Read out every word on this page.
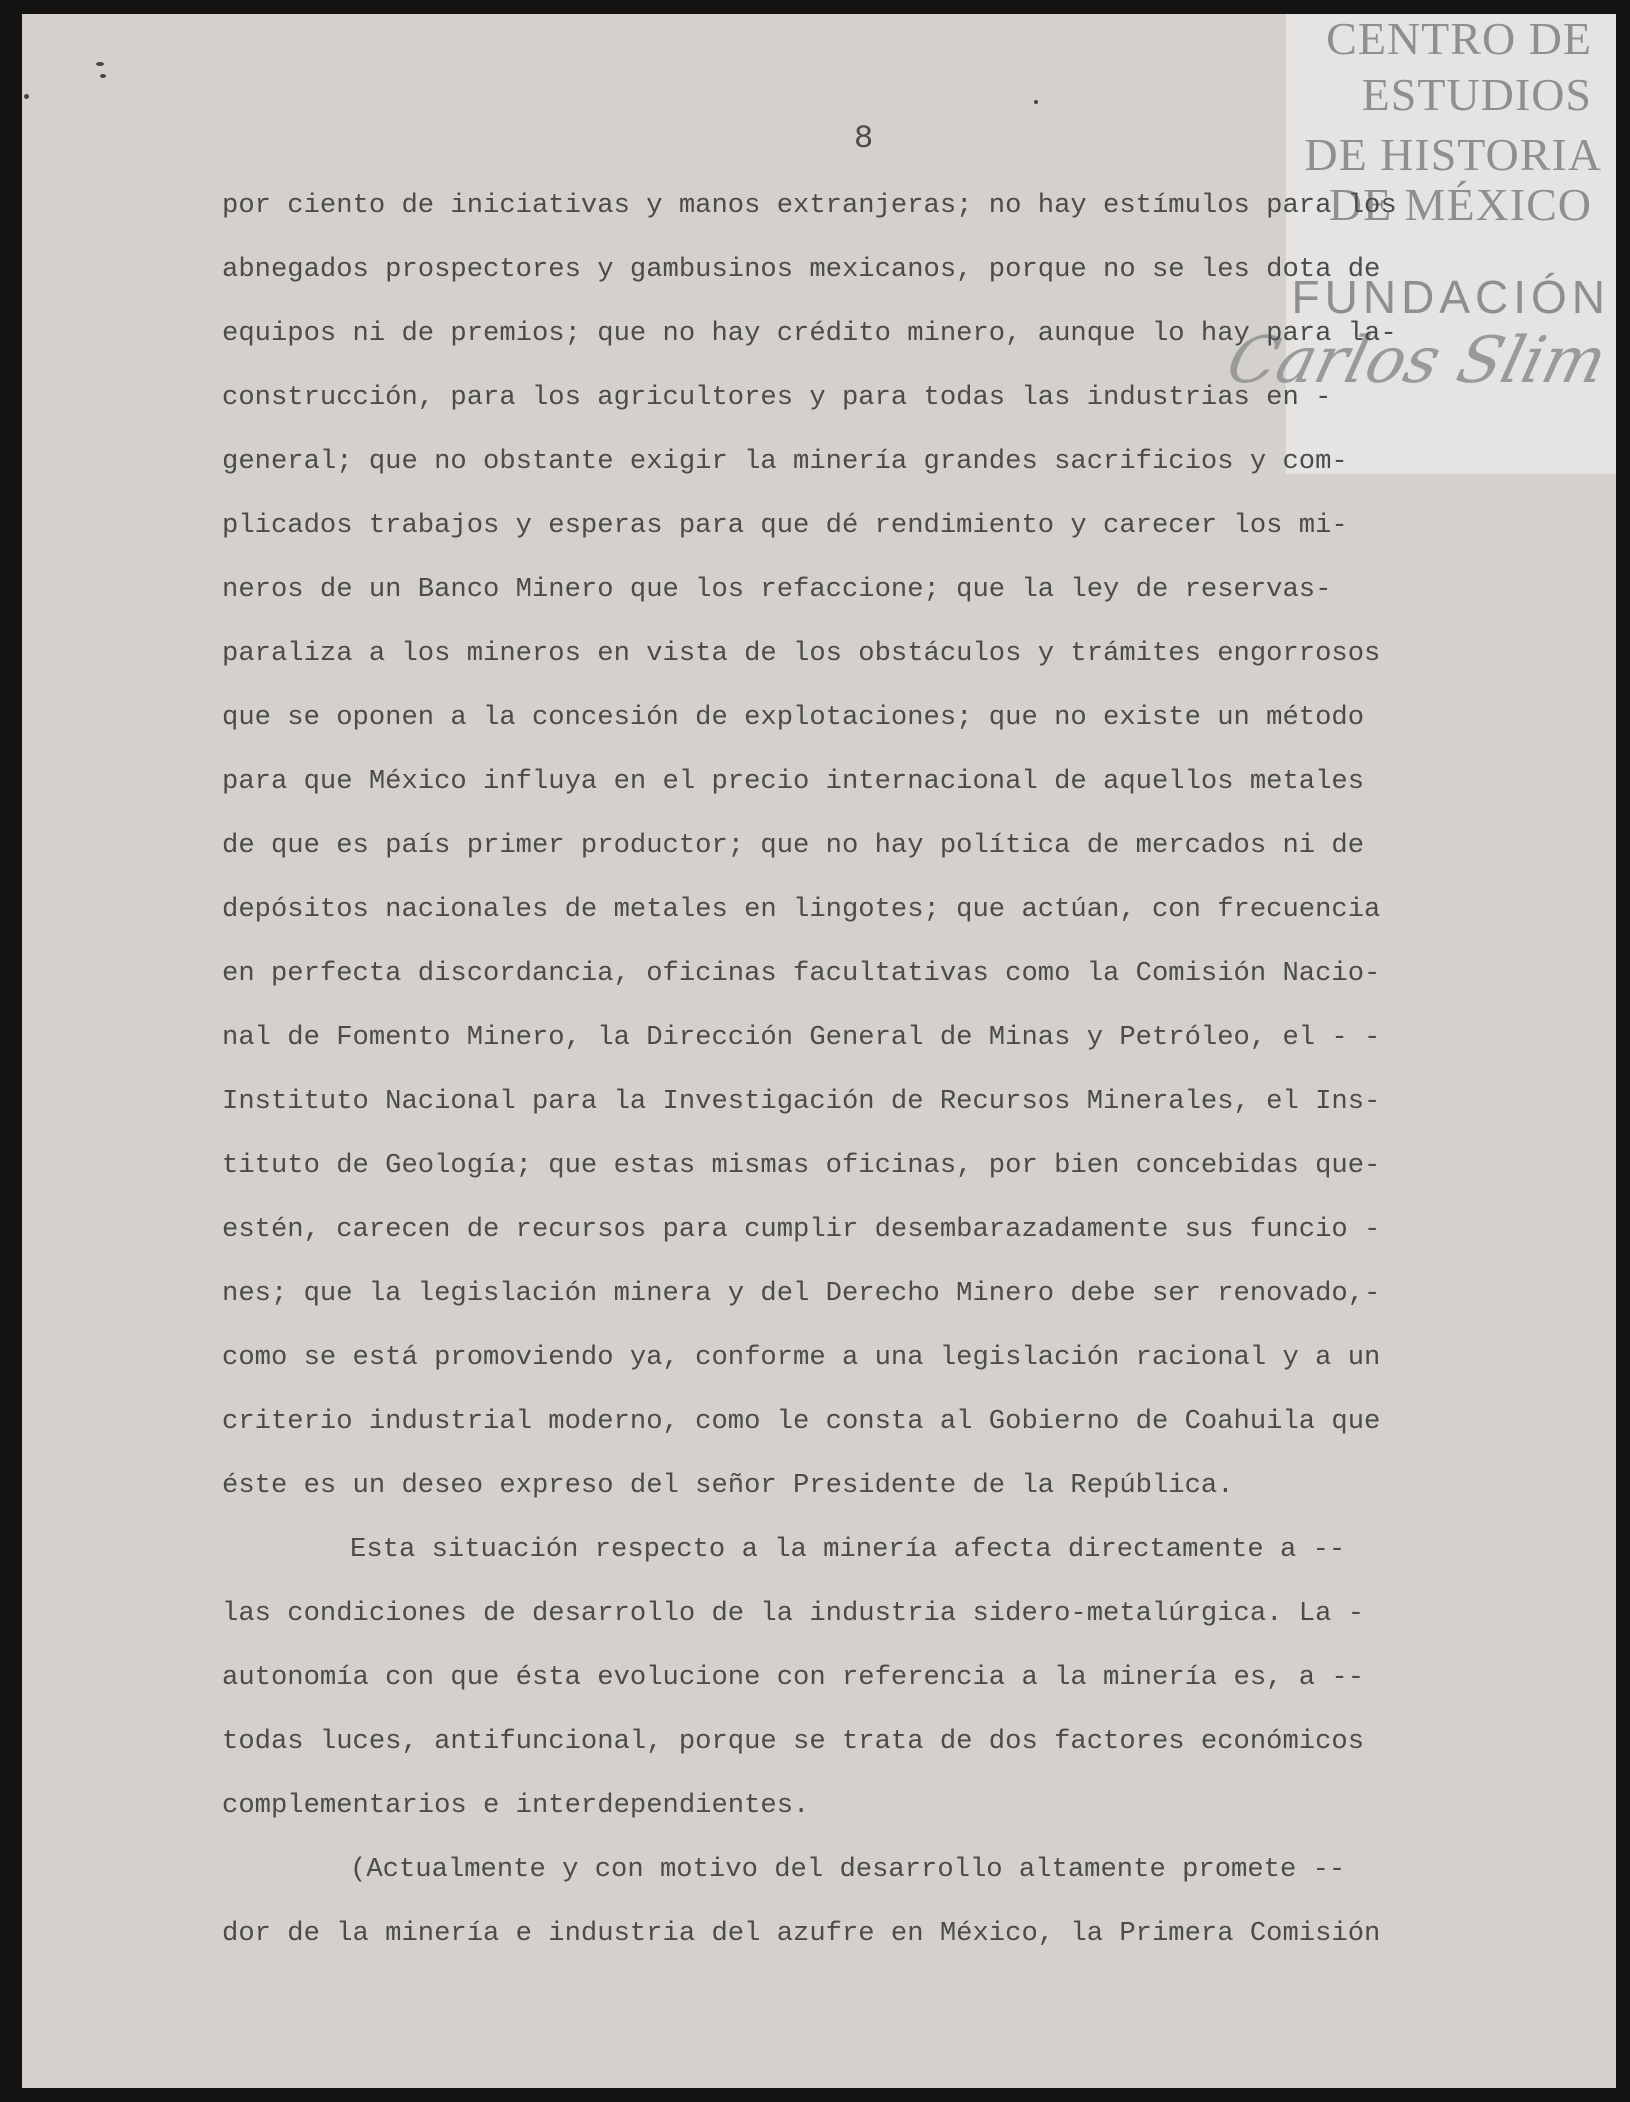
CENTRO DE
ESTUDIOS
DE HISTORIA
DE MÉXICO
FUNDACIÓN
Carlos Slim
8
por ciento de iniciativas y manos extranjeras; no hay estímulos para los
abnegados prospectores y gambusinos mexicanos, porque no se les dota de
equipos ni de premios; que no hay crédito minero, aunque lo hay para la-
construcción, para los agricultores y para todas las industrias en -
general; que no obstante exigir la minería grandes sacrificios y com-
plicados trabajos y esperas para que dé rendimiento y carecer los mi-
neros de un Banco Minero que los refaccione; que la ley de reservas-
paraliza a los mineros en vista de los obstáculos y trámites engorrosos
que se oponen a la concesión de explotaciones; que no existe un método
para que México influya en el precio internacional de aquellos metales
de que es país primer productor; que no hay política de mercados ni de
depósitos nacionales de metales en lingotes; que actúan, con frecuencia
en perfecta discordancia, oficinas facultativas como la Comisión Nacio-
nal de Fomento Minero, la Dirección General de Minas y Petróleo, el - -
Instituto Nacional para la Investigación de Recursos Minerales, el Ins-
tituto de Geología; que estas mismas oficinas, por bien concebidas que-
estén, carecen de recursos para cumplir desembarazadamente sus funcio -
nes; que la legislación minera y del Derecho Minero debe ser renovado,-
como se está promoviendo ya, conforme a una legislación racional y a un
criterio industrial moderno, como le consta al Gobierno de Coahuila que
éste es un deseo expreso del señor Presidente de la República.
Esta situación respecto a la minería afecta directamente a --
las condiciones de desarrollo de la industria sidero-metalúrgica. La -
autonomía con que ésta evolucione con referencia a la minería es, a --
todas luces, antifuncional, porque se trata de dos factores económicos
complementarios e interdependientes.
(Actualmente y con motivo del desarrollo altamente promete --
dor de la minería e industria del azufre en México, la Primera Comisión
